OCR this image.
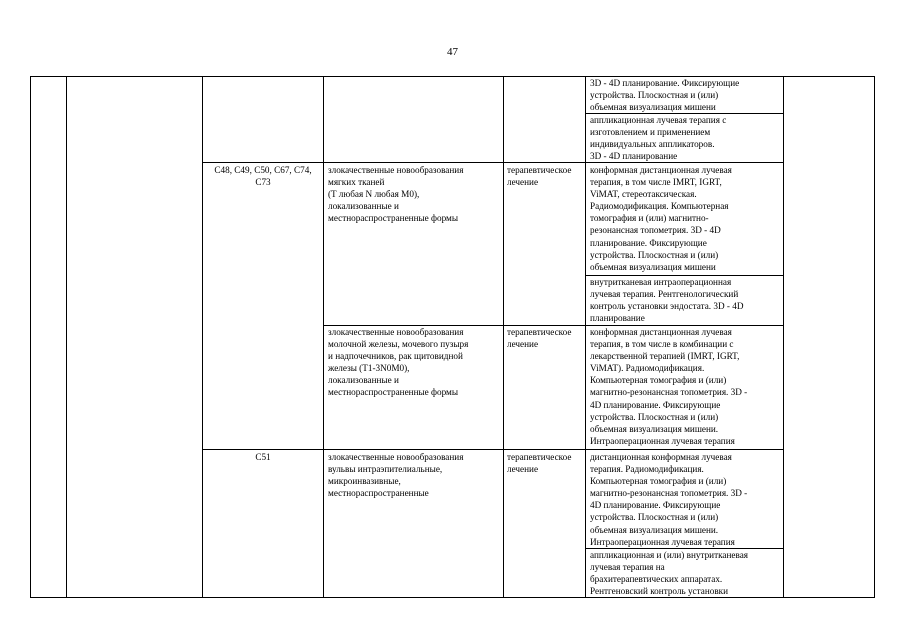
47
3D - 4D планирование. Фиксирующие
устройства. Плоскостная и (или)
объемная визуализация мишени
аппликационная лучевая терапия с
изготовлением и применением
индивидуальных аппликаторов.
3D - 4D планирование
C48, C49, C50, C67, C74,
C73
злокачественные новообразования
мягких тканей
(T любая N любая M0),
локализованные и
местнораспространенные формы
терапевтическое
лечение
конформная дистанционная лучевая
терапия, в том числе IMRT, IGRT,
ViMAT, стереотаксическая.
Радиомодификация. Компьютерная
томография и (или) магнитно-
резонансная топометрия. 3D - 4D
планирование. Фиксирующие
устройства. Плоскостная и (или)
объемная визуализация мишени
внутритканевая интраоперационная
лучевая терапия. Рентгенологический
контроль установки эндостата. 3D - 4D
планирование
злокачественные новообразования
молочной железы, мочевого пузыря
и надпочечников, рак щитовидной
железы (T1-3N0M0),
локализованные и
местнораспространенные формы
терапевтическое
лечение
конформная дистанционная лучевая
терапия, в том числе в комбинации с
лекарственной терапией (IMRT, IGRT,
ViMAT). Радиомодификация.
Компьютерная томография и (или)
магнитно-резонансная топометрия. 3D -
4D планирование. Фиксирующие
устройства. Плоскостная и (или)
объемная визуализация мишени.
Интраоперационная лучевая терапия
C51	злокачественные новообразования
вульвы интраэпителиальные,
микроинвазивные,
местнораспространенные
терапевтическое
лечение
дистанционная конформная лучевая
терапия. Радиомодификация.
Компьютерная томография и (или)
магнитно-резонансная топометрия. 3D -
4D планирование. Фиксирующие
устройства. Плоскостная и (или)
объемная визуализация мишени.
Интраоперационная лучевая терапия
аппликационная и (или) внутритканевая
лучевая терапия на
брахитерапевтических аппаратах.
Рентгеновский контроль установки
